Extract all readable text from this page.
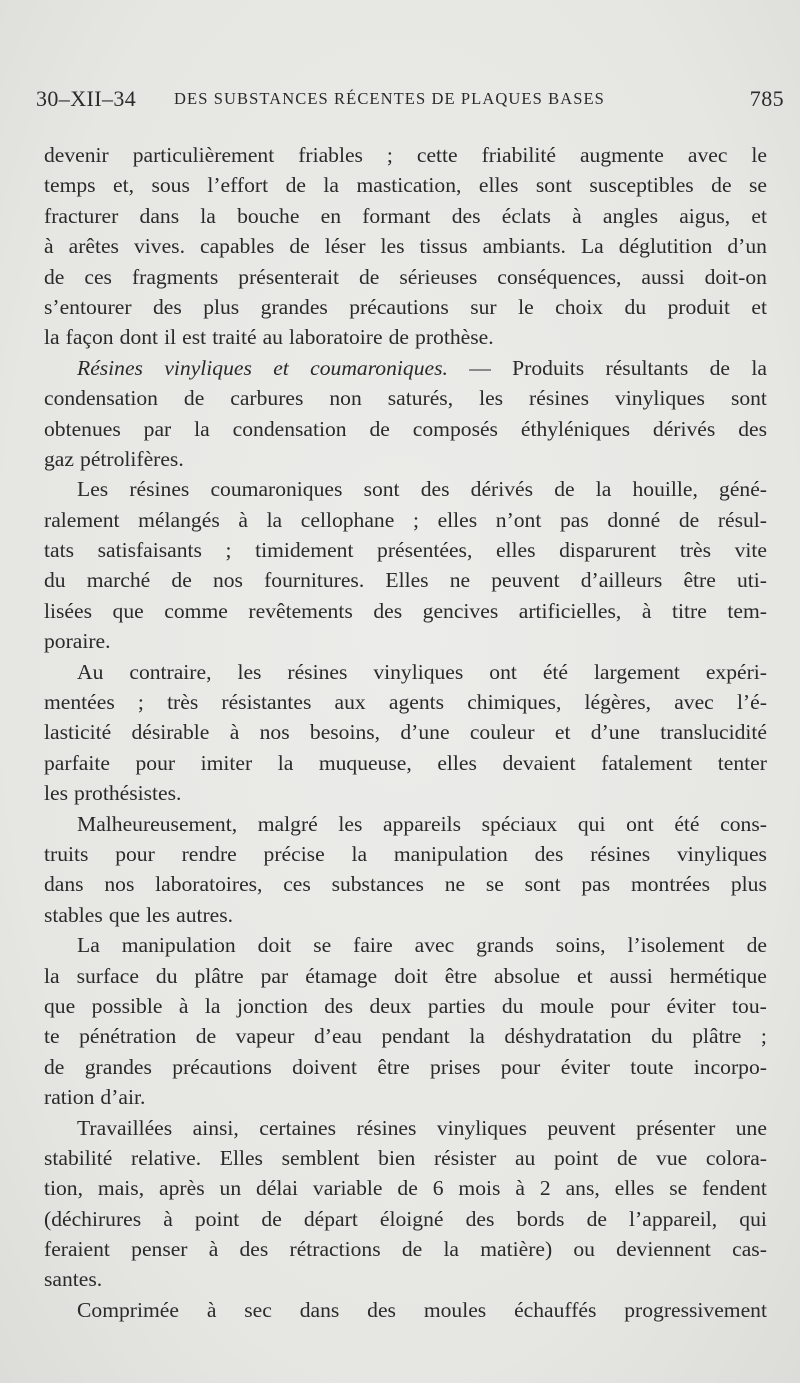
30–XII–34 DES SUBSTANCES RÉCENTES DE PLAQUES BASES	785
devenir particulièrement friables ; cette friabilité augmente avec le
temps et, sous l’effort de la mastication, elles sont susceptibles de se
fracturer dans la bouche en formant des éclats à angles aigus, et
à arêtes vives. capables de léser les tissus ambiants. La déglutition d’un
de ces fragments présenterait de sérieuses conséquences, aussi doit-on
s’entourer des plus grandes précautions sur le choix du produit et
la façon dont il est traité au laboratoire de prothèse.
Résines vinyliques et coumaroniques. — Produits résultants de la
condensation de carbures non saturés, les résines vinyliques sont
obtenues par la condensation de composés éthyléniques dérivés des
gaz pétrolifères.
Les résines coumaroniques sont des dérivés de la houille, géné-
ralement mélangés à la cellophane ; elles n’ont pas donné de résul-
tats satisfaisants ; timidement présentées, elles disparurent très vite
du marché de nos fournitures. Elles ne peuvent d’ailleurs être uti-
lisées que comme revêtements des gencives artificielles, à titre tem-
poraire.
Au contraire, les résines vinyliques ont été largement expéri-
mentées ; très résistantes aux agents chimiques, légères, avec l’é-
lasticité désirable à nos besoins, d’une couleur et d’une translucidité
parfaite pour imiter la muqueuse, elles devaient fatalement tenter
les prothésistes.
Malheureusement, malgré les appareils spéciaux qui ont été cons-
truits pour rendre précise la manipulation des résines vinyliques
dans nos laboratoires, ces substances ne se sont pas montrées plus
stables que les autres.
La manipulation doit se faire avec grands soins, l’isolement de
la surface du plâtre par étamage doit être absolue et aussi hermétique
que possible à la jonction des deux parties du moule pour éviter tou-
te pénétration de vapeur d’eau pendant la déshydratation du plâtre ;
de grandes précautions doivent être prises pour éviter toute incorpo-
ration d’air.
Travaillées ainsi, certaines résines vinyliques peuvent présenter une
stabilité relative. Elles semblent bien résister au point de vue colora-
tion, mais, après un délai variable de 6 mois à 2 ans, elles se fendent
(déchirures à point de départ éloigné des bords de l’appareil, qui
feraient penser à des rétractions de la matière) ou deviennent cas-
santes.
Comprimée à sec dans des moules échauffés progressivement
